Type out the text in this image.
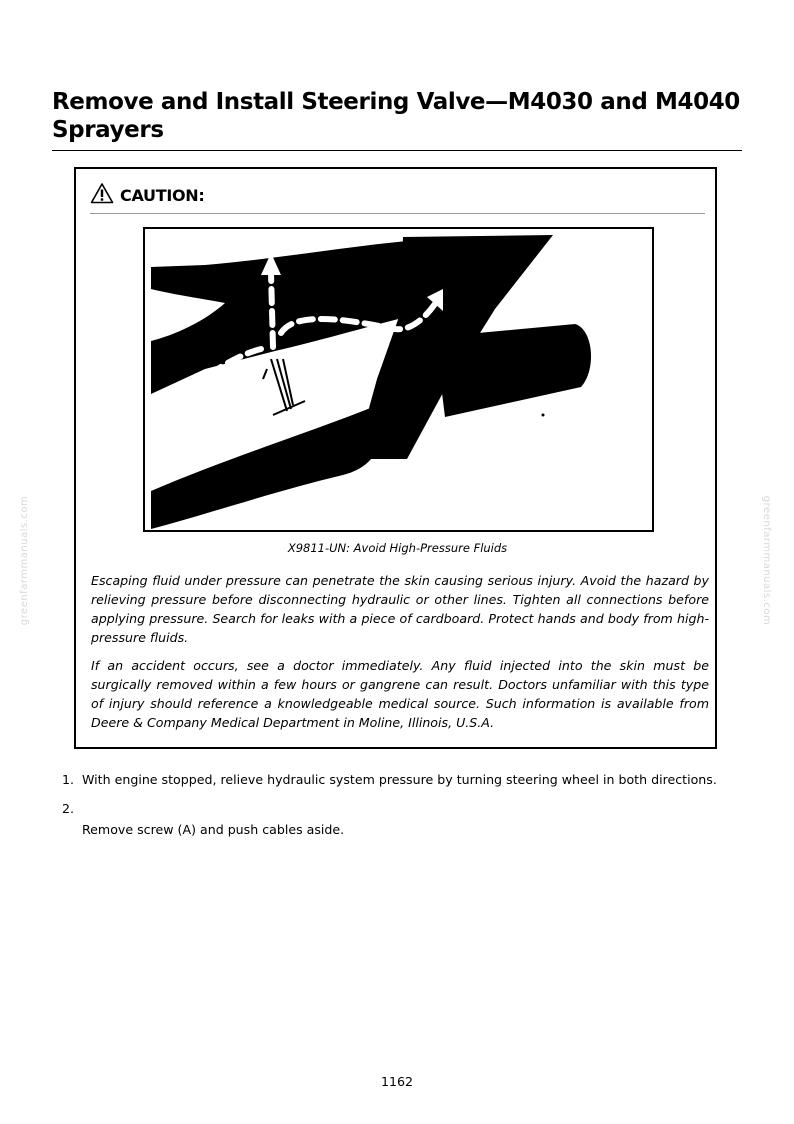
Remove and Install Steering Valve—M4030 and M4040 Sprayers
CAUTION:
X9811-UN: Avoid High-Pressure Fluids

Escaping fluid under pressure can penetrate the skin causing serious injury. Avoid the hazard by relieving pressure before disconnecting hydraulic or other lines. Tighten all connections before applying pressure. Search for leaks with a piece of cardboard. Protect hands and body from high-pressure fluids.

If an accident occurs, see a doctor immediately. Any fluid injected into the skin must be surgically removed within a few hours or gangrene can result. Doctors unfamiliar with this type of injury should reference a knowledgeable medical source. Such information is available from Deere & Company Medical Department in Moline, Illinois, U.S.A.

1. With engine stopped, relieve hydraulic system pressure by turning steering wheel in both directions.
2.
Remove screw (A) and push cables aside.
greenfarmmanuals.com	greenfarmmanuals.com
1162
